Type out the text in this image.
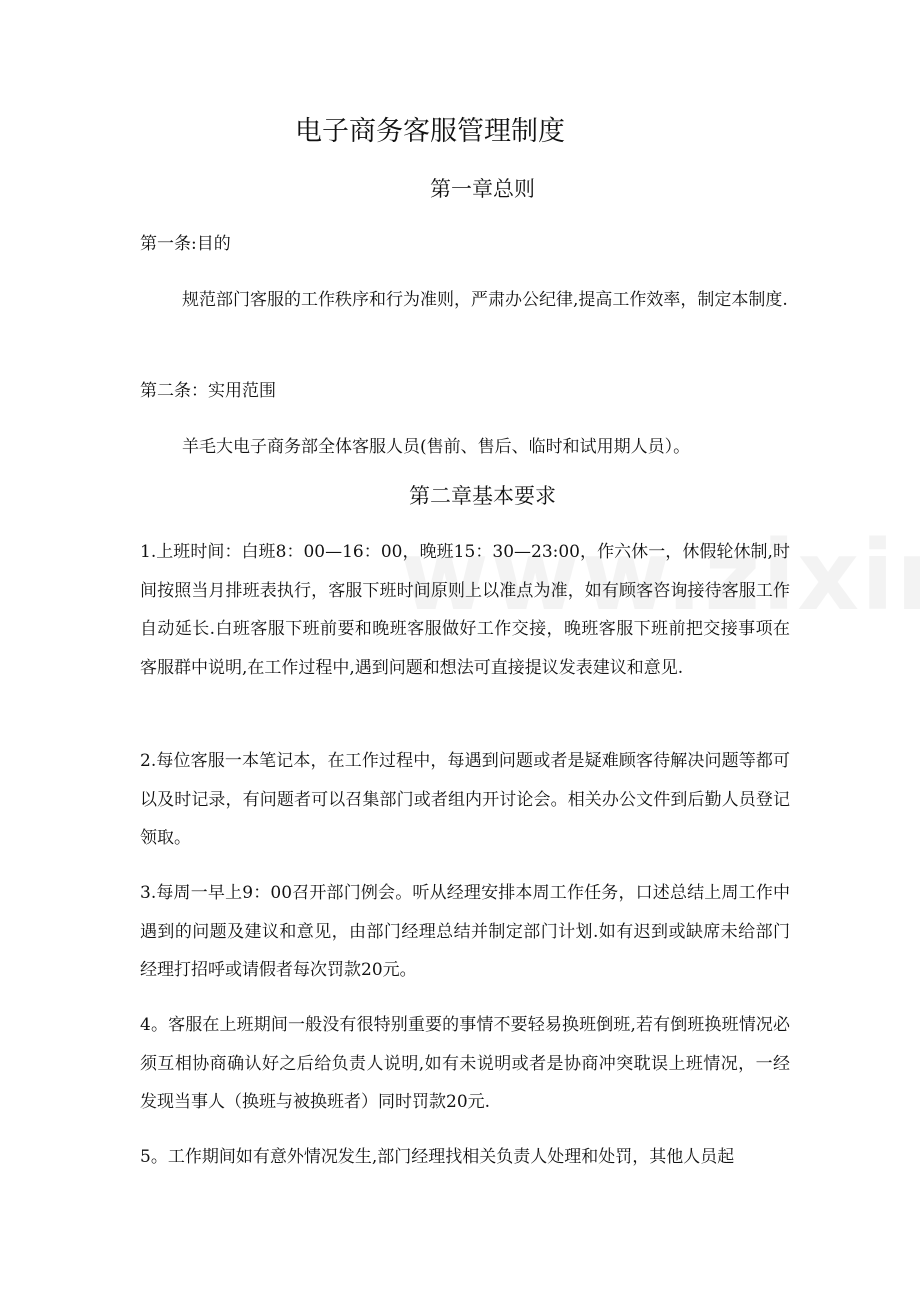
电子商务客服管理制度
第一章总则

第一条:目的

规范部门客服的工作秩序和行为准则，严肃办公纪律,提高工作效率，制定本制度.

第二条：实用范围

羊毛大电子商务部全体客服人员(售前、售后、临时和试用期人员）。

第二章基本要求

1.上班时间：白班8：00—16：00，晚班15：30—23:00，作六休一，休假轮休制,时间按照当月排班表执行，客服下班时间原则上以准点为准，如有顾客咨询接待客服工作自动延长.白班客服下班前要和晚班客服做好工作交接，晚班客服下班前把交接事项在客服群中说明,在工作过程中,遇到问题和想法可直接提议发表建议和意见.

2.每位客服一本笔记本，在工作过程中，每遇到问题或者是疑难顾客待解决问题等都可以及时记录，有问题者可以召集部门或者组内开讨论会。相关办公文件到后勤人员登记领取。

3.每周一早上9：00召开部门例会。听从经理安排本周工作任务，口述总结上周工作中遇到的问题及建议和意见，由部门经理总结并制定部门计划.如有迟到或缺席未给部门经理打招呼或请假者每次罚款20元。

4。客服在上班期间一般没有很特别重要的事情不要轻易换班倒班,若有倒班换班情况必须互相协商确认好之后给负责人说明,如有未说明或者是协商冲突耽误上班情况，一经发现当事人（换班与被换班者）同时罚款20元.

5。工作期间如有意外情况发生,部门经理找相关负责人处理和处罚，其他人员起
